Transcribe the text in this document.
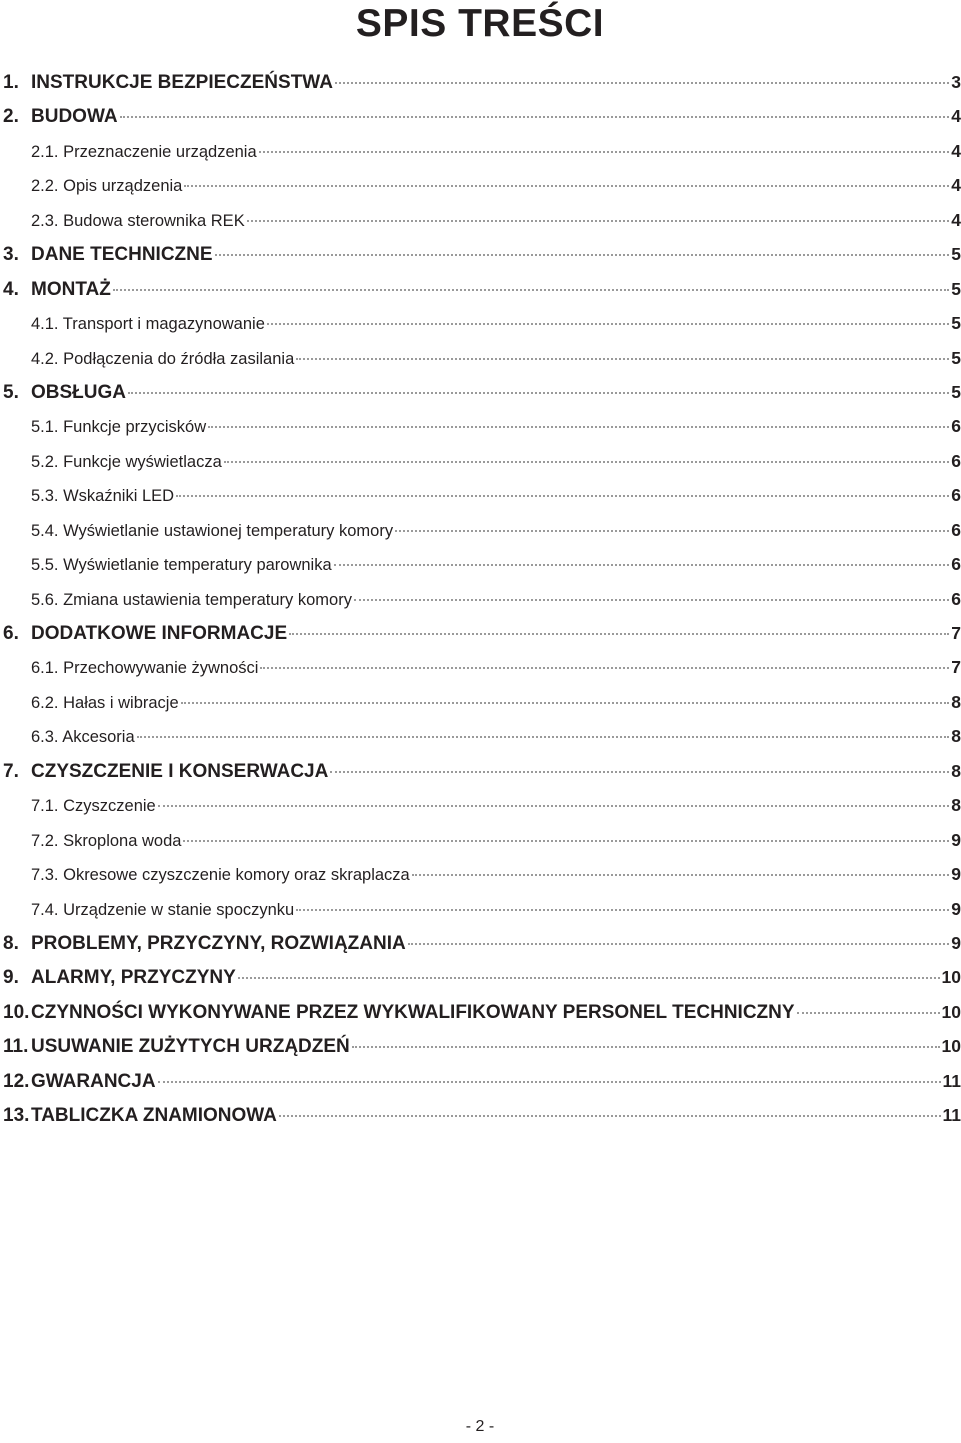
SPIS TREŚCI
1. INSTRUKCJE BEZPIECZEŃSTWA	3
2. BUDOWA	4
2.1. Przeznaczenie urządzenia	4
2.2. Opis urządzenia	4
2.3. Budowa sterownika REK	4
3. DANE TECHNICZNE	5
4. MONTAŻ	5
4.1. Transport i magazynowanie	5
4.2. Podłączenia do źródła zasilania	5
5. OBSŁUGA	5
5.1. Funkcje przycisków	6
5.2. Funkcje wyświetlacza	6
5.3. Wskaźniki LED	6
5.4. Wyświetlanie ustawionej temperatury komory	6
5.5. Wyświetlanie temperatury parownika	6
5.6. Zmiana ustawienia temperatury komory	6
6. DODATKOWE INFORMACJE	7
6.1. Przechowywanie żywności	7
6.2. Hałas i wibracje	8
6.3. Akcesoria	8
7. CZYSZCZENIE I KONSERWACJA	8
7.1. Czyszczenie	8
7.2. Skroplona woda	9
7.3. Okresowe czyszczenie komory oraz skraplacza	9
7.4. Urządzenie w stanie spoczynku	9
8. PROBLEMY, PRZYCZYNY, ROZWIĄZANIA	9
9. ALARMY, PRZYCZYNY	10
10. CZYNNOŚCI WYKONYWANE PRZEZ WYKWALIFIKOWANY PERSONEL TECHNICZNY	10
11. USUWANIE ZUŻYTYCH URZĄDZEŃ	10
12. GWARANCJA	11
13. TABLICZKA ZNAMIONOWA	11
- 2 -
